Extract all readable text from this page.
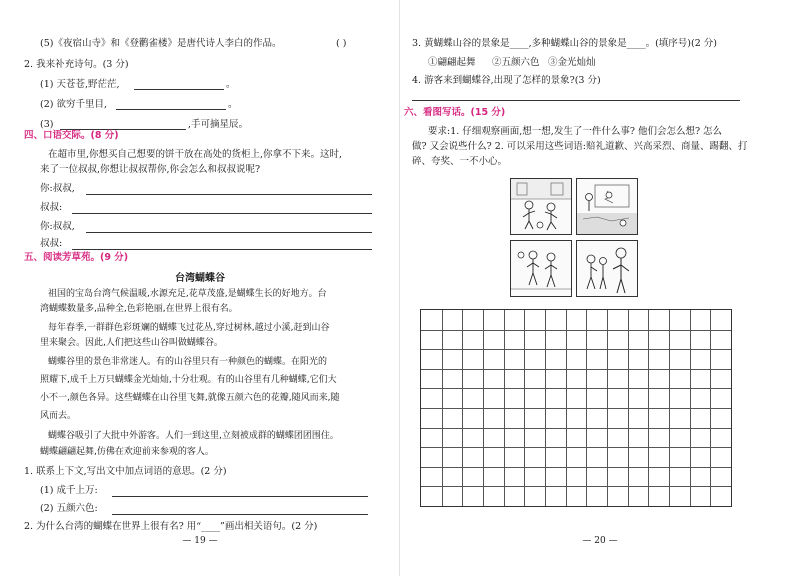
(5)《夜宿山寺》和《登鹳雀楼》是唐代诗人李白的作品。	( )
2. 我来补充诗句。(3 分)
(1) 天苍苍,野茫茫,	。
(2) 欲穷千里目,	。
(3)	,手可摘星辰。
四、口语交际。(8 分)
在超市里,你想买自己想要的饼干放在高处的货柜上,你拿不下来。这时,
来了一位叔叔,你想让叔叔帮你,你会怎么和叔叔说呢?
你:叔叔,
叔叔:
你:叔叔,
叔叔:
五、阅读芳草苑。(9 分)
台湾蝴蝶谷
祖国的宝岛台湾气候温暖,水源充足,花草茂盛,是蝴蝶生长的好地方。台
湾蝴蝶数量多,品种全,色彩艳丽,在世界上很有名。
每年春季,一群群色彩斑斓的蝴蝶飞过花丛,穿过树林,越过小溪,赶到山谷
里来聚会。因此,人们把这些山谷叫做蝴蝶谷。
蝴蝶谷里的景色非常迷人。有的山谷里只有一种颜色的蝴蝶。在阳光的
照耀下,成千上万只蝴蝶金光灿灿,十分壮观。有的山谷里有几种蝴蝶,它们大
小不一,颜色各异。这些蝴蝶在山谷里飞舞,就像五颜六色的花瓣,随风而来,随
风而去。
蝴蝶谷吸引了大批中外游客。人们一到这里,立刻被成群的蝴蝶团团围住。
蝴蝶翩翩起舞,仿佛在欢迎前来参观的客人。
1. 联系上下文,写出文中加点词语的意思。(2 分)
(1) 成千上万:
(2) 五颜六色:
2. 为什么台湾的蝴蝶在世界上很有名? 用“____”画出相关语句。(2 分)
— 19 —
3. 黄蝴蝶山谷的景象是____,多种蝴蝶山谷的景象是____。(填序号)(2 分)
①翩翩起舞 ②五颜六色 ③金光灿灿
4. 游客来到蝴蝶谷,出现了怎样的景象?(3 分)
六、看图写话。(15 分)
要求:1. 仔细观察画面,想一想,发生了一件什么事? 他们会怎么想? 怎么
做? 又会说些什么? 2. 可以采用这些词语:赔礼道歉、兴高采烈、商量、踢翻、打
碎、夸奖、一不小心。
— 20 —
